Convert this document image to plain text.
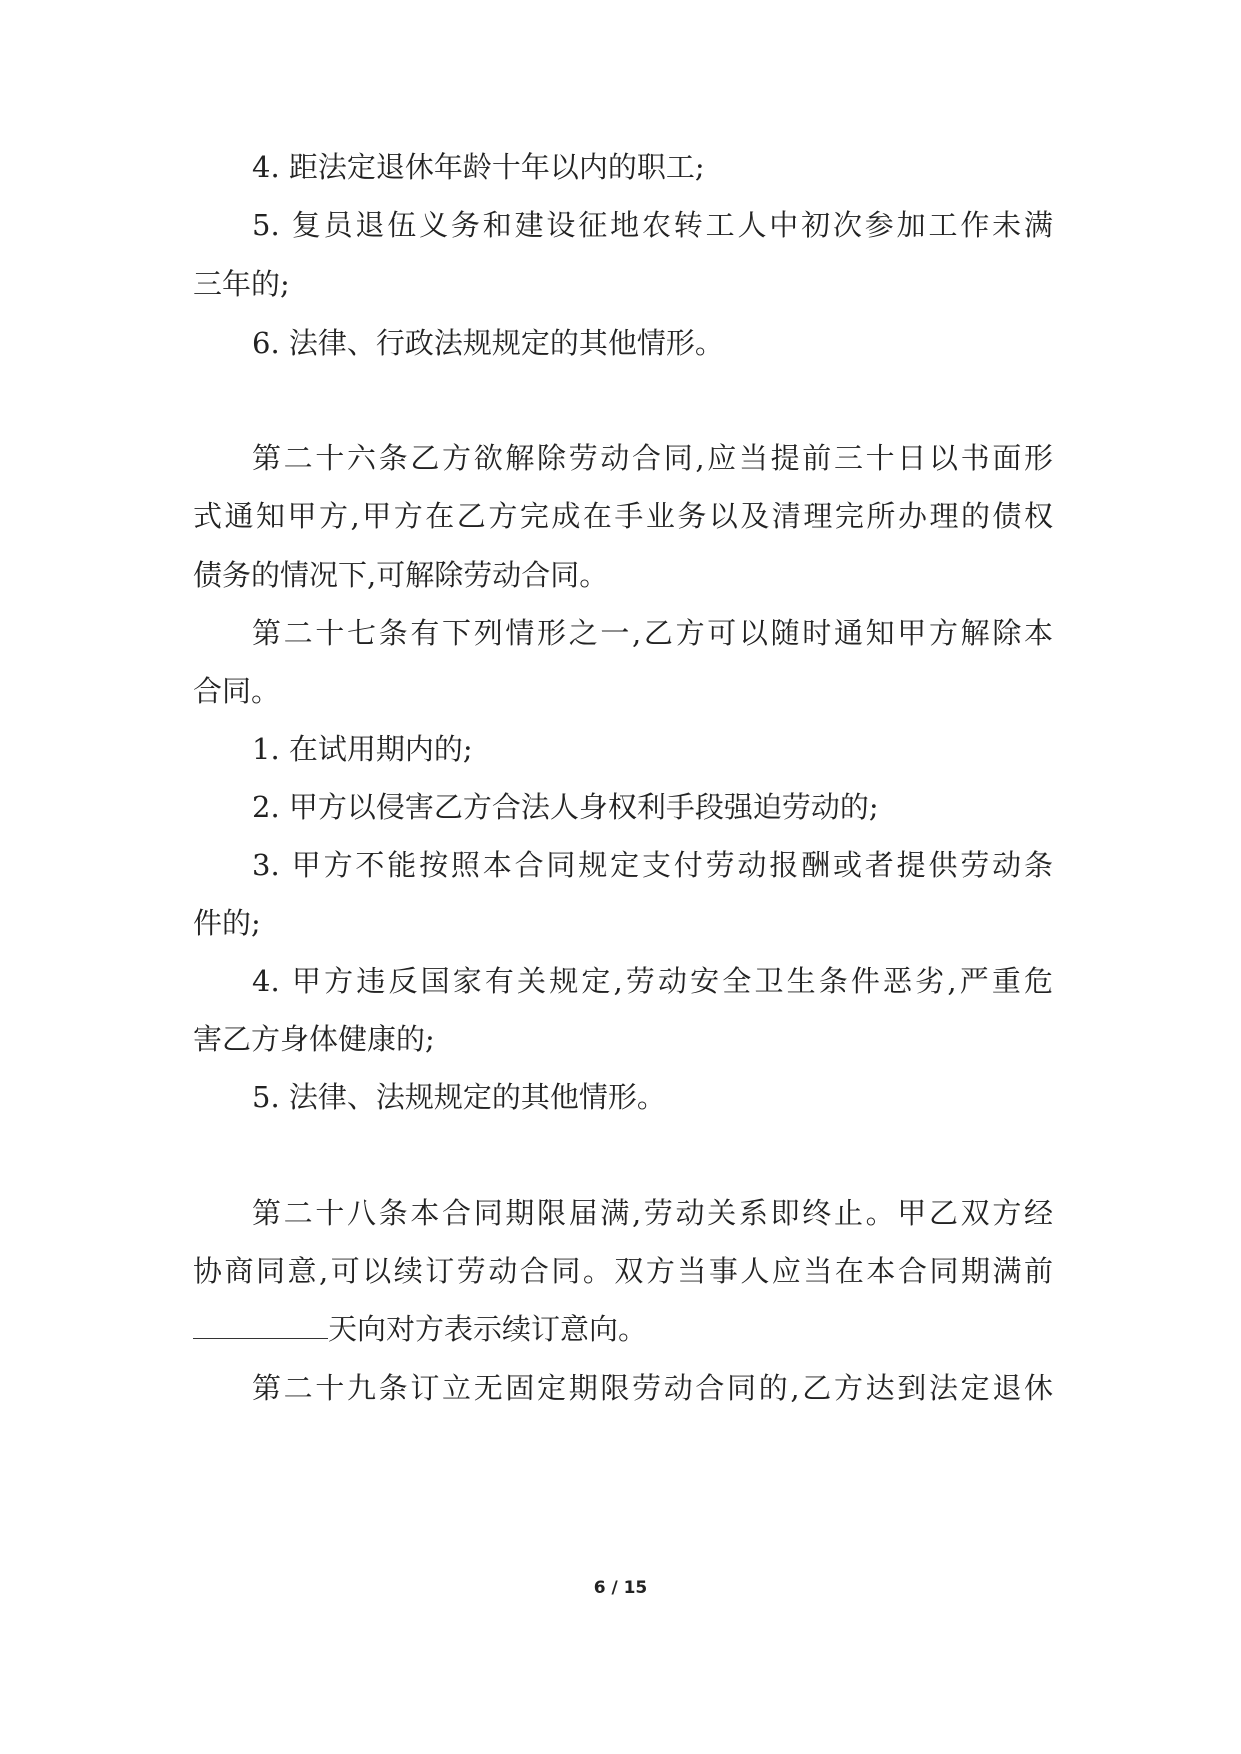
4. 距法定退休年龄十年以内的职工;
5. 复员退伍义务和建设征地农转工人中初次参加工作未满
三年的;
6. 法律、行政法规规定的其他情形。
第二十六条乙方欲解除劳动合同,应当提前三十日以书面形
式通知甲方,甲方在乙方完成在手业务以及清理完所办理的债权
债务的情况下,可解除劳动合同。
第二十七条有下列情形之一,乙方可以随时通知甲方解除本
合同。
1. 在试用期内的;
2. 甲方以侵害乙方合法人身权利手段强迫劳动的;
3. 甲方不能按照本合同规定支付劳动报酬或者提供劳动条
件的;
4. 甲方违反国家有关规定,劳动安全卫生条件恶劣,严重危
害乙方身体健康的;
5. 法律、法规规定的其他情形。
第二十八条本合同期限届满,劳动关系即终止。甲乙双方经
协商同意,可以续订劳动合同。双方当事人应当在本合同期满前
天向对方表示续订意向。
第二十九条订立无固定期限劳动合同的,乙方达到法定退休
6 / 15
